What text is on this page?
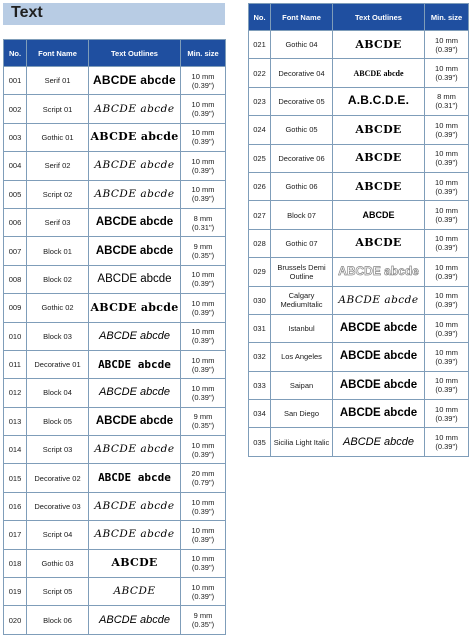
Text
No.	Font Name	Text Outlines	Min. size
001	Serif 01	ABCDE abcde	10 mm
(0.39")

002	Script 01	ABCDE abcde	10 mm
(0.39")

003	Gothic 01	ABCDE abcde	10 mm
(0.39")

004	Serif 02	ABCDE abcde	10 mm
(0.39")

005	Script 02	ABCDE abcde	10 mm
(0.39")

006	Serif 03	ABCDE abcde	8 mm
(0.31")

007	Block 01	ABCDE abcde	9 mm
(0.35")

008	Block 02	ABCDE abcde	10 mm
(0.39")

009	Gothic 02	ABCDE abcde	10 mm
(0.39")

010	Block 03	ABCDE abcde	10 mm
(0.39")

011	Decorative 01	ABCDE abcde	10 mm
(0.39")

012	Block 04	ABCDE abcde	10 mm
(0.39")

013	Block 05	ABCDE abcde	9 mm
(0.35")

014	Script 03	ABCDE abcde	10 mm
(0.39")

015	Decorative 02	ABCDE abcde	20 mm
(0.79")

016	Decorative 03	ABCDE abcde	10 mm
(0.39")

017	Script 04	ABCDE abcde	10 mm
(0.39")

018	Gothic 03	ABCDE	10 mm
(0.39")

019	Script 05	ABCDE	10 mm
(0.39")

020	Block 06	ABCDE abcde	9 mm
(0.35")
No.	Font Name	Text Outlines	Min. size
021	Gothic 04	ABCDE	10 mm
(0.39")

022	Decorative 04	ABCDE abcde	10 mm
(0.39")

023	Decorative 05	A.B.C.D.E.	8 mm
(0.31")

024	Gothic 05	ABCDE	10 mm
(0.39")

025	Decorative 06	ABCDE	10 mm
(0.39")

026	Gothic 06	ABCDE	10 mm
(0.39")

027	Block 07	ABCDE	10 mm
(0.39")

028	Gothic 07	ABCDE	10 mm
(0.39")

029	Brussels Demi Outline	ABCDE abcde	10 mm
(0.39")

030	Calgary MediumItalic	ABCDE abcde	10 mm
(0.39")

031	Istanbul	ABCDE abcde	10 mm
(0.39")

032	Los Angeles	ABCDE abcde	10 mm
(0.39")

033	Saipan	ABCDE abcde	10 mm
(0.39")

034	San Diego	ABCDE abcde	10 mm
(0.39")

035	Sicilia Light Italic	ABCDE abcde	10 mm
(0.39")
